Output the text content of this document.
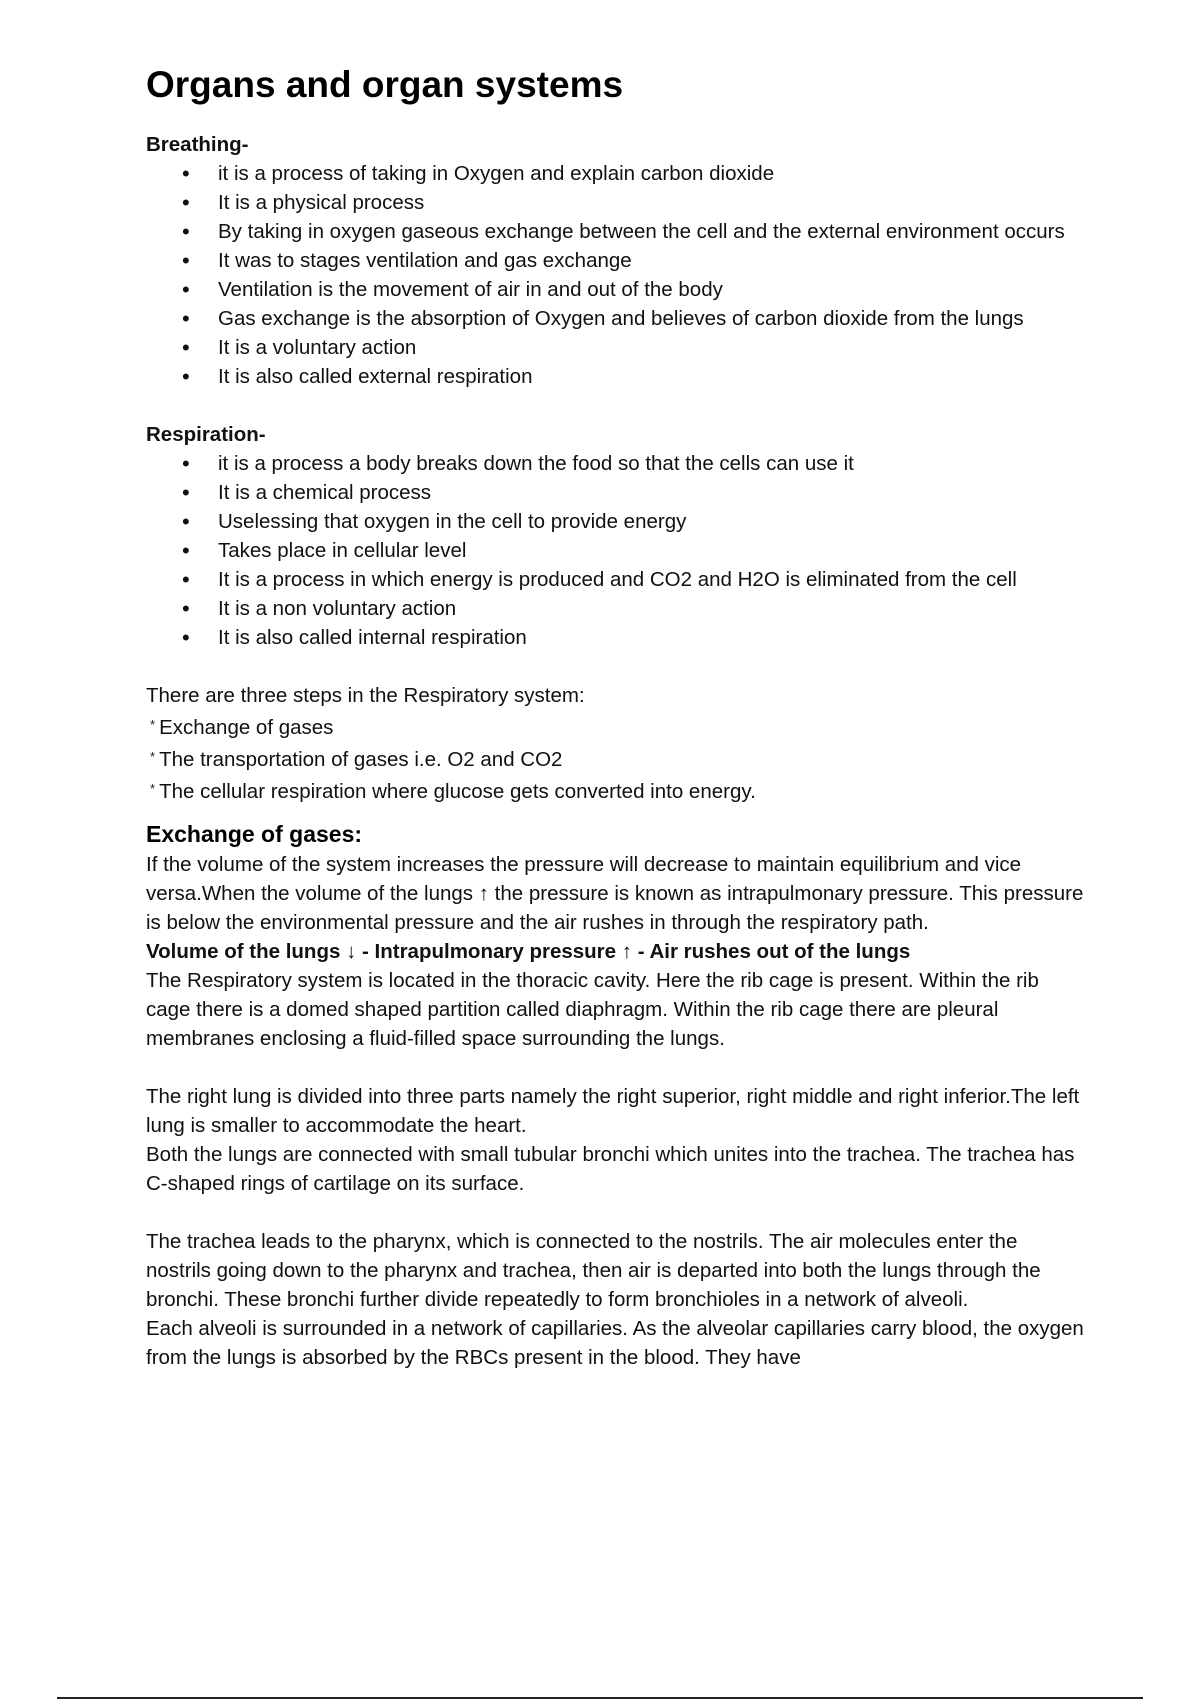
Organs and organ systems
Breathing-
• it is a process of taking in Oxygen and explain carbon dioxide
• It is a physical process
• By taking in oxygen gaseous exchange between the cell and the external environment occurs
• It was to stages ventilation and gas exchange
• Ventilation is the movement of air in and out of the body
• Gas exchange is the absorption of Oxygen and believes of carbon dioxide from the lungs
• It is a voluntary action
• It is also called external respiration
Respiration-
• it is a process a body breaks down the food so that the cells can use it
• It is a chemical process
• Uselessing that oxygen in the cell to provide energy
• Takes place in cellular level
• It is a process in which energy is produced and CO2 and H2O is eliminated from the cell
• It is a non voluntary action
• It is also called internal respiration

There are three steps in the Respiratory system:

* Exchange of gases
* The transportation of gases i.e. O2 and CO2
* The cellular respiration where glucose gets converted into energy.
Exchange of gases:

If the volume of the system increases the pressure will decrease to maintain equilibrium and vice versa.When the volume of the lungs ↑ the pressure is known as intrapulmonary pressure. This pressure is below the environmental pressure and the air rushes in through the respiratory path.

Volume of the lungs ↓ - Intrapulmonary pressure ↑ - Air rushes out of the lungs

The Respiratory system is located in the thoracic cavity. Here the rib cage is present. Within the rib cage there is a domed shaped partition called diaphragm. Within the rib cage there are pleural membranes enclosing a fluid-filled space surrounding the lungs.

The right lung is divided into three parts namely the right superior, right middle and right inferior.The left lung is smaller to accommodate the heart.

Both the lungs are connected with small tubular bronchi which unites into the trachea. The trachea has C-shaped rings of cartilage on its surface.

The trachea leads to the pharynx, which is connected to the nostrils. The air molecules enter the nostrils going down to the pharynx and trachea, then air is departed into both the lungs through the bronchi. These bronchi further divide repeatedly to form bronchioles in a network of alveoli.

Each alveoli is surrounded in a network of capillaries. As the alveolar capillaries carry blood, the oxygen from the lungs is absorbed by the RBCs present in the blood. They have
